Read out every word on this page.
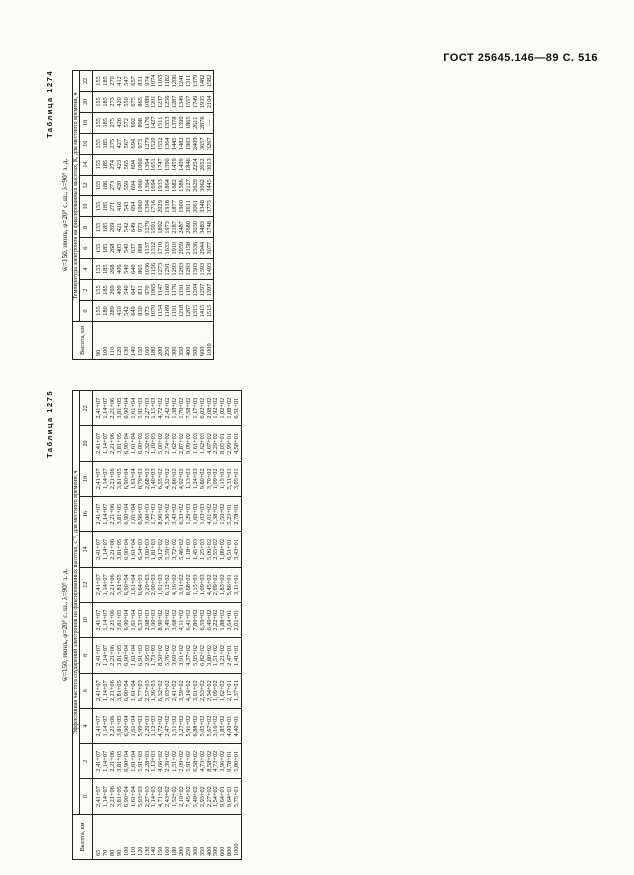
ГОСТ 25645.146—89 С. 516
Таблица 1274
w̄=150, июнь, φ=20° с. ш., λ=90° з. д.
Высота, км	Температура электронов на фиксированных высотах, К, для местного времени, ч											
	0	2	4	6	8	10	12	14	16	18	20	22
90	155	155	155	155	155	155	155	155	155	155	155	155
100	180	185	185	185	185	185	186	185	185	185	185	185
110	289	269	268	268	269	271	273	274	275	275	273	270
120	410	409	406	405	421	416	420	423	427	426	420	412
130	542	540	540	540	542	543	559	565	567	572	550	547
140	649	647	640	637	649	694	694	694	694	692	675	657
150	830	831	865	898	973	1060	1060	1060	973	898	865	831
160	973	970	1036	1137	1279	1394	1394	1394	1279	1176	1089	974
180	1070	1065	1156	1312	1591	1716	1694	1651	1520	1427	1201	1074
200	1154	1147	1273	1710	1892	2029	1933	1747	1552	1511	1237	1163
250	1169	1160	1291	1633	1973	1918	1864	1590	1364	1353	1256	1182
300	1191	1176	1293	1910	2187	1877	1682	1459	1445	1378	1287	1206
350	1218	1191	1293	2059	2487	1900	1586	1409	1482	1390	1349	1241
400	1267	1191	1293	2158	2680	2611	2127	1846	1903	1865	1557	1311
500	1315	1204	1303	2336	3030	3061	2629	2254	2409	2611	1749	1379
600	1415	1297	1393	2944	3483	3348	3062	2652	3657	2876	1935	1482
1000	1515	1397	1493	3077	3748	3775	3445	3013	3267	—	2104	1582
Таблица 1275
w̄=150, июнь, φ=20° с. ш., λ=90° з. д.
Высота, км	Эффективная частота соударений электронов на фиксированных высотах, с⁻¹, для местного времени, ч											
	0	2	4	6	8	10	12	14	16	18	20	22
65	2,41+07	2,41+07	2,41+07	2,41+07	2,41+07	2,41+07	2,41+07	2,41+07	2,41+07	2,41+07	2,41+07	2,41+07
70	1,14+07	1,14+07	1,14+07	1,14+07	1,14+07	1,14+07	1,14+07	1,14+07	1,14+07	1,14+07	1,14+07	1,14+07
80	2,21+06	2,21+06	2,21+06	2,21+06	2,21+06	2,21+06	2,21+06	2,21+06	2,21+06	2,21+06	2,21+06	2,21+06
90	3,81+05	3,81+05	3,81+05	3,81+05	3,81+05	3,81+05	3,81+05	3,81+05	3,81+05	3,81+05	3,81+05	3,81+05
100	6,90+04	6,90+04	6,90+04	6,90+04	6,90+04	6,90+04	6,90+04	6,90+04	6,90+04	6,90+04	6,90+04	6,90+04
110	1,61+04	1,61+04	1,61+04	1,61+04	1,61+04	1,61+04	1,61+04	1,61+04	1,61+04	1,61+04	1,61+04	1,61+04
120	5,93+03	5,91+03	5,99+03	6,77+03	6,91+03	6,53+03	6,64+03	6,54+03	6,96+03	6,79+03	6,00+03	5,91+03
130	2,27+03	2,28+03	2,29+03	2,57+03	2,95+03	2,98+03	3,20+03	3,00+03	3,00+03	2,68+03	2,32+03	2,27+03
140	1,14+03	1,13+03	1,12+03	1,36+03	1,73+03	1,90+03	2,00+03	1,81+03	1,77+03	1,40+03	1,19+03	1,15+03
150	4,71+02	4,66+02	4,72+02	6,32+02	8,50+02	8,90+02	1,01+03	9,12+02	8,96+02	6,55+02	5,00+02	4,72+02
160	2,43+02	2,39+02	2,47+02	3,03+02	5,76+02	5,49+02	6,12+02	5,59+02	5,36+02	4,32+02	2,74+02	2,42+02
180	1,52+02	1,51+02	1,51+02	2,41+02	3,69+02	3,68+02	4,16+02	3,72+02	3,43+02	2,86+02	1,62+02	1,38+02
200	2,10+02	2,09+02	2,27+02	3,59+02	3,91+02	4,11+02	3,91+02	5,46+02	6,33+02	4,92+02	2,87+02	1,70+02
250	7,45+02	5,91+02	5,91+02	4,14+02	4,37+02	6,41+02	8,68+02	1,18+03	1,29+03	1,13+03	9,09+02	7,58+02
300	5,49+02	6,58+02	6,88+02	3,01+02	5,95+02	7,80+02	1,15+03	1,45+03	1,69+03	1,24+03	1,61+03	1,17+03
350	2,93+02	4,73+02	5,05+02	2,53+02	6,82+02	6,59+02	1,09+03	1,25+03	1,03+03	9,80+02	1,62+03	6,02+02
400	2,27+02	8,58+02	5,67+02	2,34+02	3,80+02	6,49+02	4,45+02	5,06+02	4,01+02	3,70+02	4,67+02	2,08+02
500	1,54+02	4,73+02	3,16+02	1,09+02	1,51+02	2,22+02	2,69+02	2,55+02	1,38+02	1,09+02	2,29+02	1,92+02
600	9,64+01	3,96+02	1,85+02	1,62+02	3,21+02	1,88+02	1,83+02	1,89+02	1,50+02	1,15+02	8,05+01	1,02+02
800	9,64+01	9,78+01	4,00+01	2,17+01	2,47+01	3,64+01	5,86+01	6,51+01	5,23+01	5,31+01	2,99+01	1,08+02
1000	5,75+01	5,80+01	4,40+01	1,37+01	1,41+01	2,01+01	3,11+01	3,43+01	2,78+01	3,05+01	4,58+01	6,51+01
